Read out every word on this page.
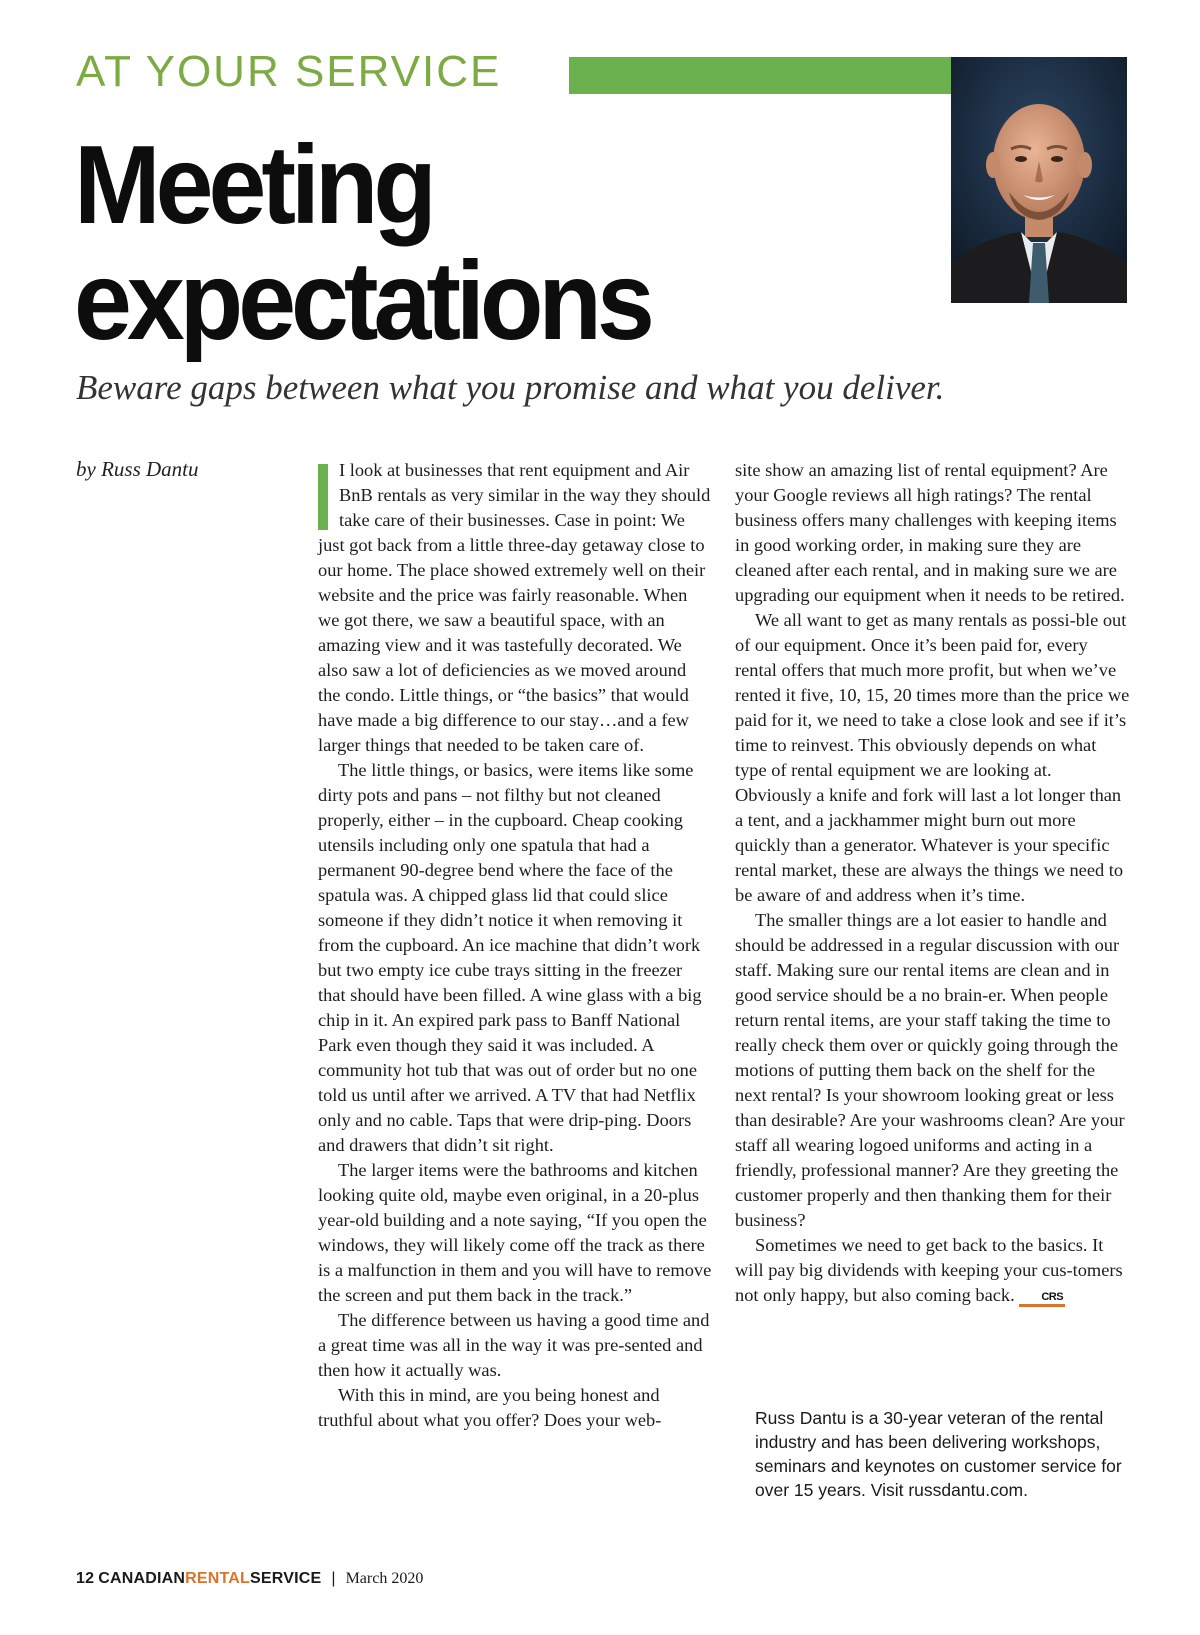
AT YOUR SERVICE
Meeting
expectations
Beware gaps between what you promise and what you deliver.
by Russ Dantu	I look at businesses that rent equipment and Air BnB rentals as very similar in the way they should take care of their businesses. Case in point: We just got back from a little three-day getaway close to our home. The place showed extremely well on their website and the price was fairly reasonable. When we got there, we saw a beautiful space, with an amazing view and it was tastefully decorated. We also saw a lot of deficiencies as we moved around the condo. Little things, or “the basics” that would have made a big difference to our stay…and a few larger things that needed to be taken care of.

The little things, or basics, were items like some dirty pots and pans – not filthy but not cleaned properly, either – in the cupboard. Cheap cooking utensils including only one spatula that had a permanent 90-degree bend where the face of the spatula was. A chipped glass lid that could slice someone if they didn’t notice it when removing it from the cupboard. An ice machine that didn’t work but two empty ice cube trays sitting in the freezer that should have been filled. A wine glass with a big chip in it. An expired park pass to Banff National Park even though they said it was included. A community hot tub that was out of order but no one told us until after we arrived. A TV that had Netflix only and no cable. Taps that were drip-ping. Doors and drawers that didn’t sit right.

The larger items were the bathrooms and kitchen looking quite old, maybe even original, in a 20-plus year-old building and a note saying, “If you open the windows, they will likely come off the track as there is a malfunction in them and you will have to remove the screen and put them back in the track.”

The difference between us having a good time and a great time was all in the way it was pre-sented and then how it actually was.

With this in mind, are you being honest and truthful about what you offer? Does your web-

site show an amazing list of rental equipment? Are your Google reviews all high ratings? The rental business offers many challenges with keeping items in good working order, in making sure they are cleaned after each rental, and in making sure we are upgrading our equipment when it needs to be retired.

We all want to get as many rentals as possi-ble out of our equipment. Once it’s been paid for, every rental offers that much more profit, but when we’ve rented it five, 10, 15, 20 times more than the price we paid for it, we need to take a close look and see if it’s time to reinvest. This obviously depends on what type of rental equipment we are looking at. Obviously a knife and fork will last a lot longer than a tent, and a jackhammer might burn out more quickly than a generator. Whatever is your specific rental market, these are always the things we need to be aware of and address when it’s time.

The smaller things are a lot easier to handle and should be addressed in a regular discussion with our staff. Making sure our rental items are clean and in good service should be a no brain-er. When people return rental items, are your staff taking the time to really check them over or quickly going through the motions of putting them back on the shelf for the next rental? Is your showroom looking great or less than desirable? Are your washrooms clean? Are your staff all wearing logoed uniforms and acting in a friendly, professional manner? Are they greeting the customer properly and then thanking them for their business?

Sometimes we need to get back to the basics. It will pay big dividends with keeping your cus-tomers not only happy, but also coming back. CRS

Russ Dantu is a 30-year veteran of the rental industry and has been delivering workshops, seminars and keynotes on customer service for over 15 years. Visit russdantu.com.
12 CANADIANRENTALSERVICE | March 2020
